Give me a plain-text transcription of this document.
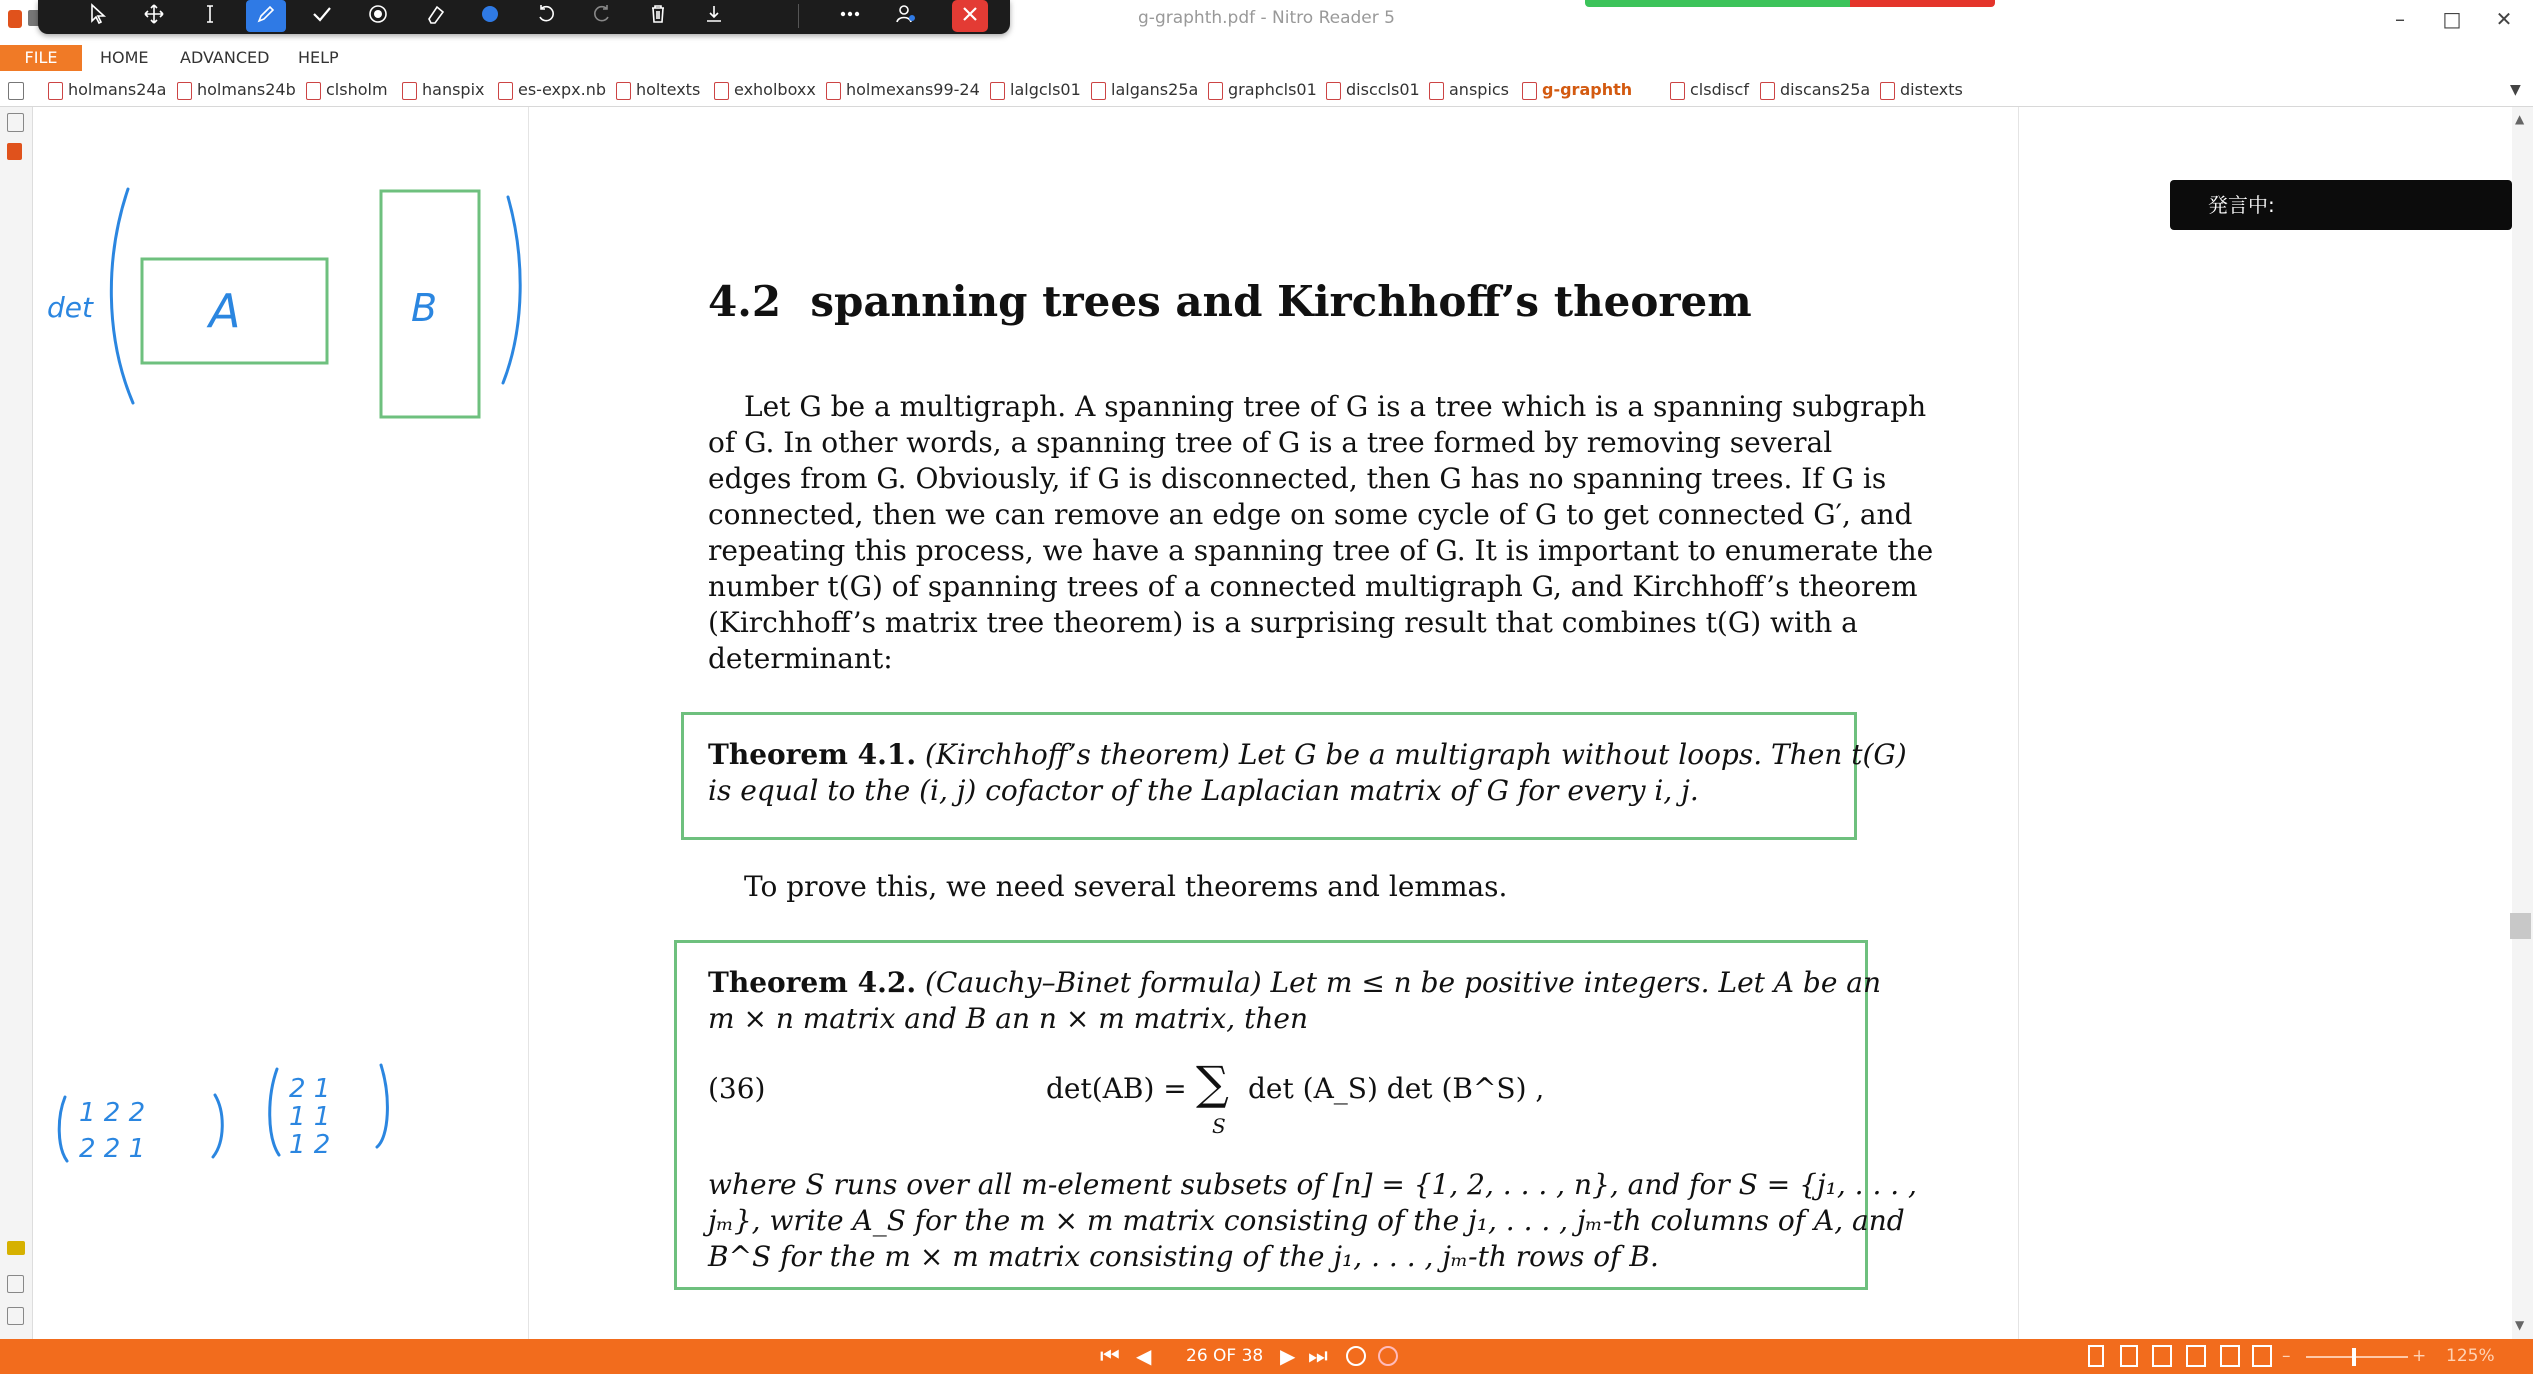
g-graphth.pdf - Nitro Reader 5	–	□	✕
FILE	HOME ADVANCED HELP
holmans24a	holmans24b	clsholm	hanspix	es-expx.nb	holtexts	exholboxx	holmexans99-24	lalgcls01	lalgans25a	graphcls01	disccls01	anspics	g-graphth	clsdiscf	discans25a	distexts	▼
det	A	B
1 2 2
2 2 1
2 1
1 1
1 2
4.2 spanning trees and Kirchhoff’s theorem
Let G be a multigraph. A spanning tree of G is a tree which is a spanning subgraph
of G. In other words, a spanning tree of G is a tree formed by removing several
edges from G. Obviously, if G is disconnected, then G has no spanning trees. If G is
connected, then we can remove an edge on some cycle of G to get connected G′, and
repeating this process, we have a spanning tree of G. It is important to enumerate the
number t(G) of spanning trees of a connected multigraph G, and Kirchhoff’s theorem
(Kirchhoff’s matrix tree theorem) is a surprising result that combines t(G) with a
determinant:
Theorem 4.1. (Kirchhoff’s theorem) Let G be a multigraph without loops. Then t(G)
is equal to the (i, j) cofactor of the Laplacian matrix of G for every i, j.
To prove this, we need several theorems and lemmas.
Theorem 4.2. (Cauchy–Binet formula) Let m ≤ n be positive integers. Let A be an
m × n matrix and B an n × m matrix, then
(36)	det(AB) = ∑
S
det (A_S) det (B^S) ,
where S runs over all m-element subsets of [n] = {1, 2, . . . , n}, and for S = {j₁, . . . ,
jₘ}, write A_S for the m × m matrix consisting of the j₁, . . . , jₘ-th columns of A, and
B^S for the m × m matrix consisting of the j₁, . . . , jₘ-th rows of B.
発言中:
▲
▼
⏮ ◀ 26 OF 38 ▶ ⏭	–	+ 125%
